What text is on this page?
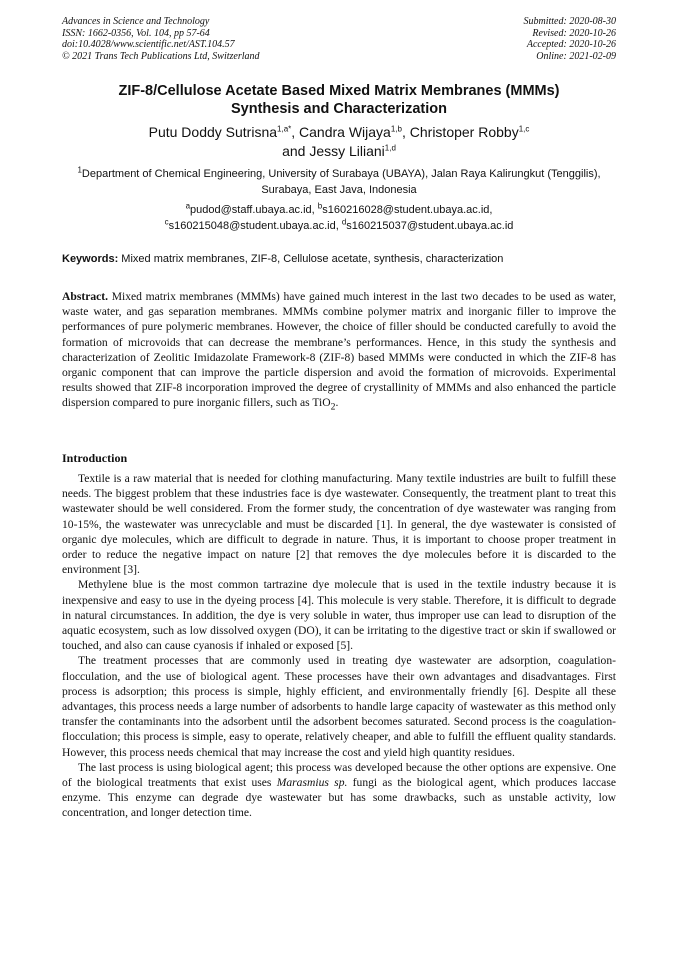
Advances in Science and Technology
ISSN: 1662-0356, Vol. 104, pp 57-64
doi:10.4028/www.scientific.net/AST.104.57
© 2021 Trans Tech Publications Ltd, Switzerland
Submitted: 2020-08-30
Revised: 2020-10-26
Accepted: 2020-10-26
Online: 2021-02-09
ZIF-8/Cellulose Acetate Based Mixed Matrix Membranes (MMMs)
Synthesis and Characterization
Putu Doddy Sutrisna$^{1,a*}$, Candra Wijaya$^{1,b}$, Christoper Robby$^{1,c}$
and Jessy Liliani$^{1,d}$
$^1$Department of Chemical Engineering, University of Surabaya (UBAYA), Jalan Raya Kalirungkut (Tenggilis), Surabaya, East Java, Indonesia
$^a$pudod@staff.ubaya.ac.id, $^b$s160216028@student.ubaya.ac.id,
$^c$s160215048@student.ubaya.ac.id, $^d$s160215037@student.ubaya.ac.id
Keywords: Mixed matrix membranes, ZIF-8, Cellulose acetate, synthesis, characterization

Abstract. Mixed matrix membranes (MMMs) have gained much interest in the last two decades to be used as water, waste water, and gas separation membranes. MMMs combine polymer matrix and inorganic filler to improve the performances of pure polymeric membranes. However, the choice of filler should be conducted carefully to avoid the formation of microvoids that can decrease the membrane’s performances. Hence, in this study the synthesis and characterization of Zeolitic Imidazolate Framework-8 (ZIF-8) based MMMs were conducted in which the ZIF-8 has organic component that can improve the particle dispersion and avoid the formation of microvoids. Experimental results showed that ZIF-8 incorporation improved the degree of crystallinity of MMMs and also enhanced the particle dispersion compared to pure inorganic fillers, such as TiO$_2$.

Introduction

Textile is a raw material that is needed for clothing manufacturing. Many textile industries are built to fulfill these needs. The biggest problem that these industries face is dye wastewater. Consequently, the treatment plant to treat this wastewater should be well considered. From the former study, the concentration of dye wastewater was ranging from 10-15%, the wastewater was unrecyclable and must be discarded [1]. In general, the dye wastewater is consisted of organic dye molecules, which are difficult to degrade in nature. Thus, it is important to choose proper treatment in order to reduce the negative impact on nature [2] that removes the dye molecules before it is discarded to the environment [3].

Methylene blue is the most common tartrazine dye molecule that is used in the textile industry because it is inexpensive and easy to use in the dyeing process [4]. This molecule is very stable. Therefore, it is difficult to degrade in natural circumstances. In addition, the dye is very soluble in water, thus improper use can lead to disruption of the aquatic ecosystem, such as low dissolved oxygen (DO), it can be irritating to the digestive tract or skin if swallowed or touched, and also can cause cyanosis if inhaled or exposed [5].

The treatment processes that are commonly used in treating dye wastewater are adsorption, coagulation-flocculation, and the use of biological agent. These processes have their own advantages and disadvantages. First process is adsorption; this process is simple, highly efficient, and environmentally friendly [6]. Despite all these advantages, this process needs a large number of adsorbents to handle large capacity of wastewater as this method only transfer the contaminants into the adsorbent until the adsorbent becomes saturated. Second process is the coagulation-flocculation; this process is simple, easy to operate, relatively cheaper, and able to fulfill the effluent quality standards. However, this process needs chemical that may increase the cost and yield high quantity residues.

The last process is using biological agent; this process was developed because the other options are expensive. One of the biological treatments that exist uses Marasmius sp. fungi as the biological agent, which produces laccase enzyme. This enzyme can degrade dye wastewater but has some drawbacks, such as unstable activity, low concentration, and longer detection time.
